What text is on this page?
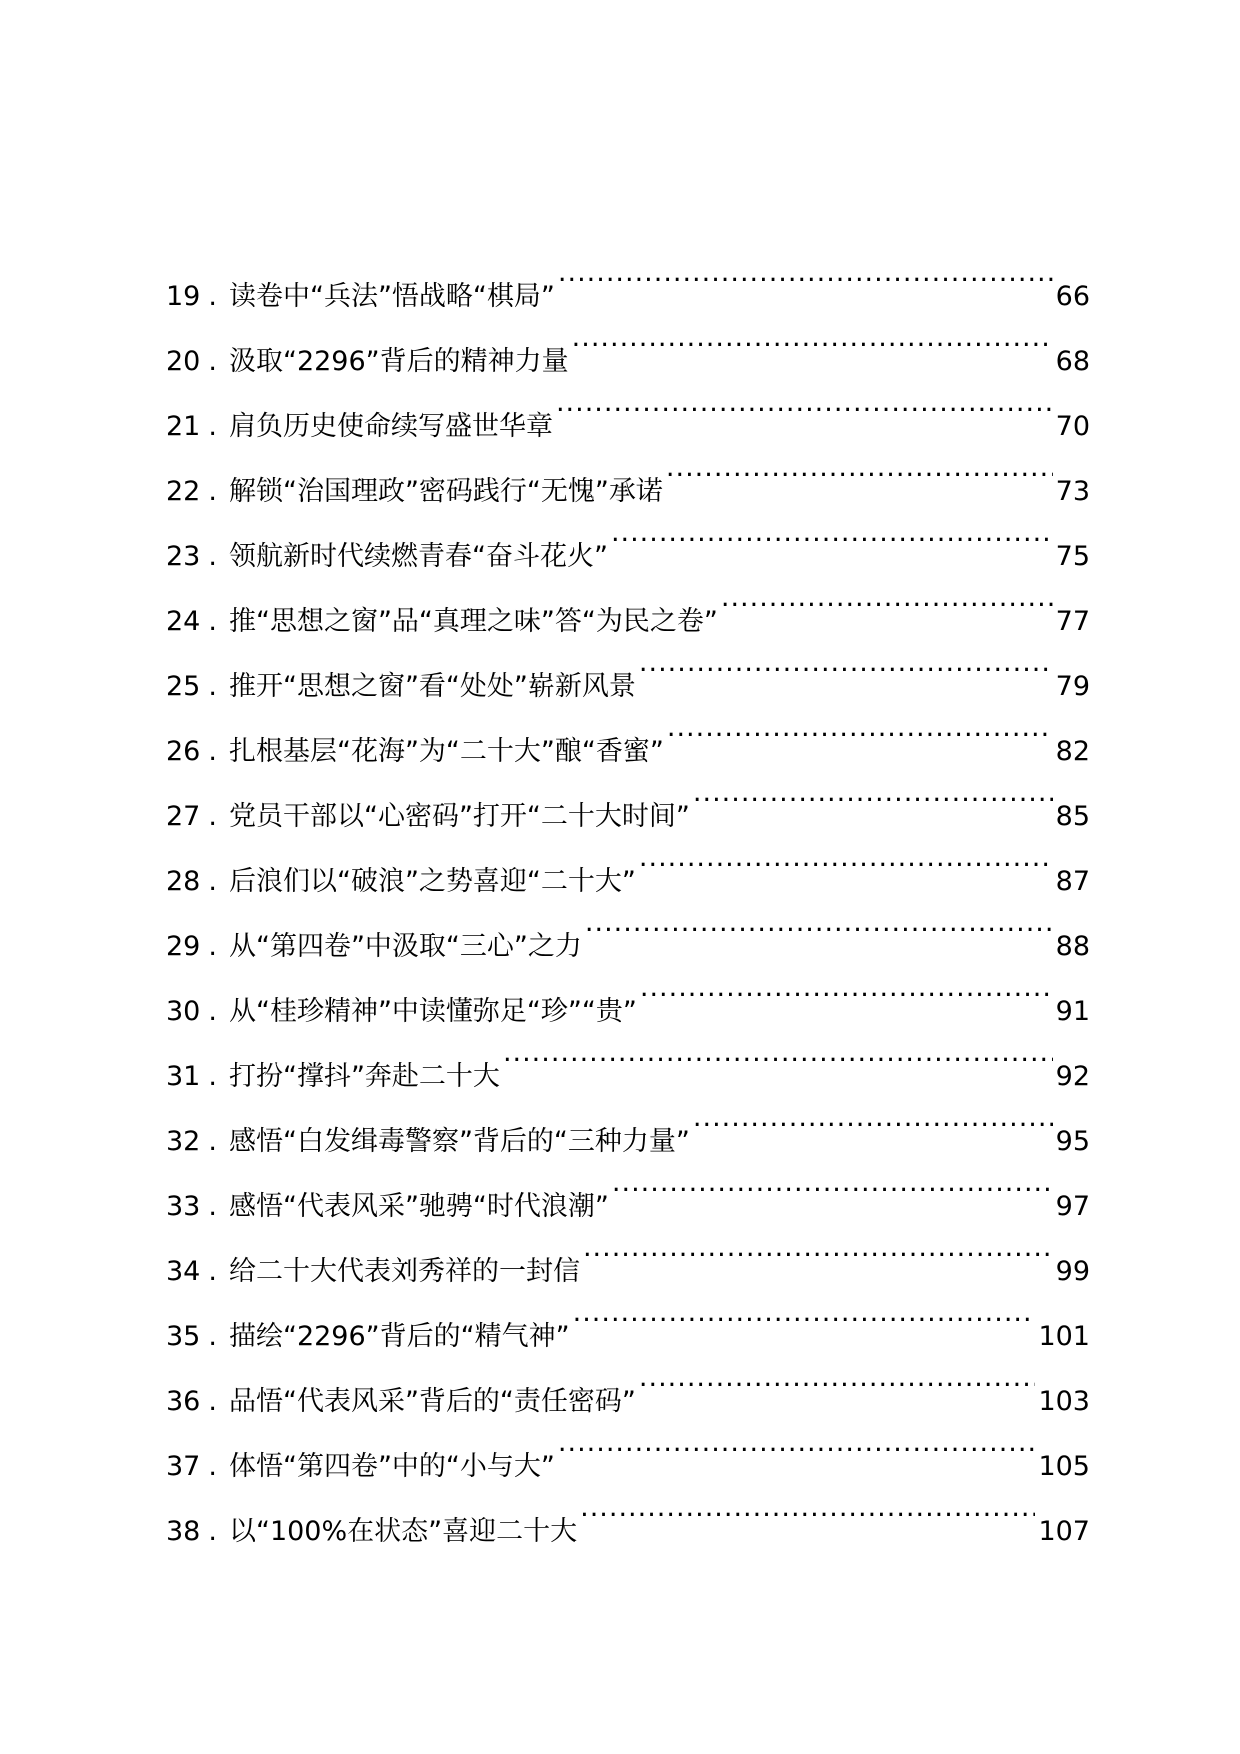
19 . 读卷中“兵法”悟战略“棋局” .....	66
20 . 汲取“2296”背后的精神力量 .....	68
21 . 肩负历史使命续写盛世华章 .....	70
22 . 解锁“治国理政”密码践行“无愧”承诺 .....	73
23 . 领航新时代续燃青春“奋斗花火” .....	75
24 . 推“思想之窗”品“真理之味”答“为民之卷” .....	77
25 . 推开“思想之窗”看“处处”崭新风景 .....	79
26 . 扎根基层“花海”为“二十大”酿“香蜜” .....	82
27 . 党员干部以“心密码”打开“二十大时间” .....	85
28 . 后浪们以“破浪”之势喜迎“二十大” .....	87
29 . 从“第四卷”中汲取“三心”之力 .....	88
30 . 从“桂珍精神”中读懂弥足“珍”“贵” .....	91
31 . 打扮“撑抖”奔赴二十大 .....	92
32 . 感悟“白发缉毒警察”背后的“三种力量” .....	95
33 . 感悟“代表风采”驰骋“时代浪潮” .....	97
34 . 给二十大代表刘秀祥的一封信 .....	99
35 . 描绘“2296”背后的“精气神” .....	101
36 . 品悟“代表风采”背后的“责任密码” .....	103
37 . 体悟“第四卷”中的“小与大” .....	105
38 . 以“100%在状态”喜迎二十大 .....	107
